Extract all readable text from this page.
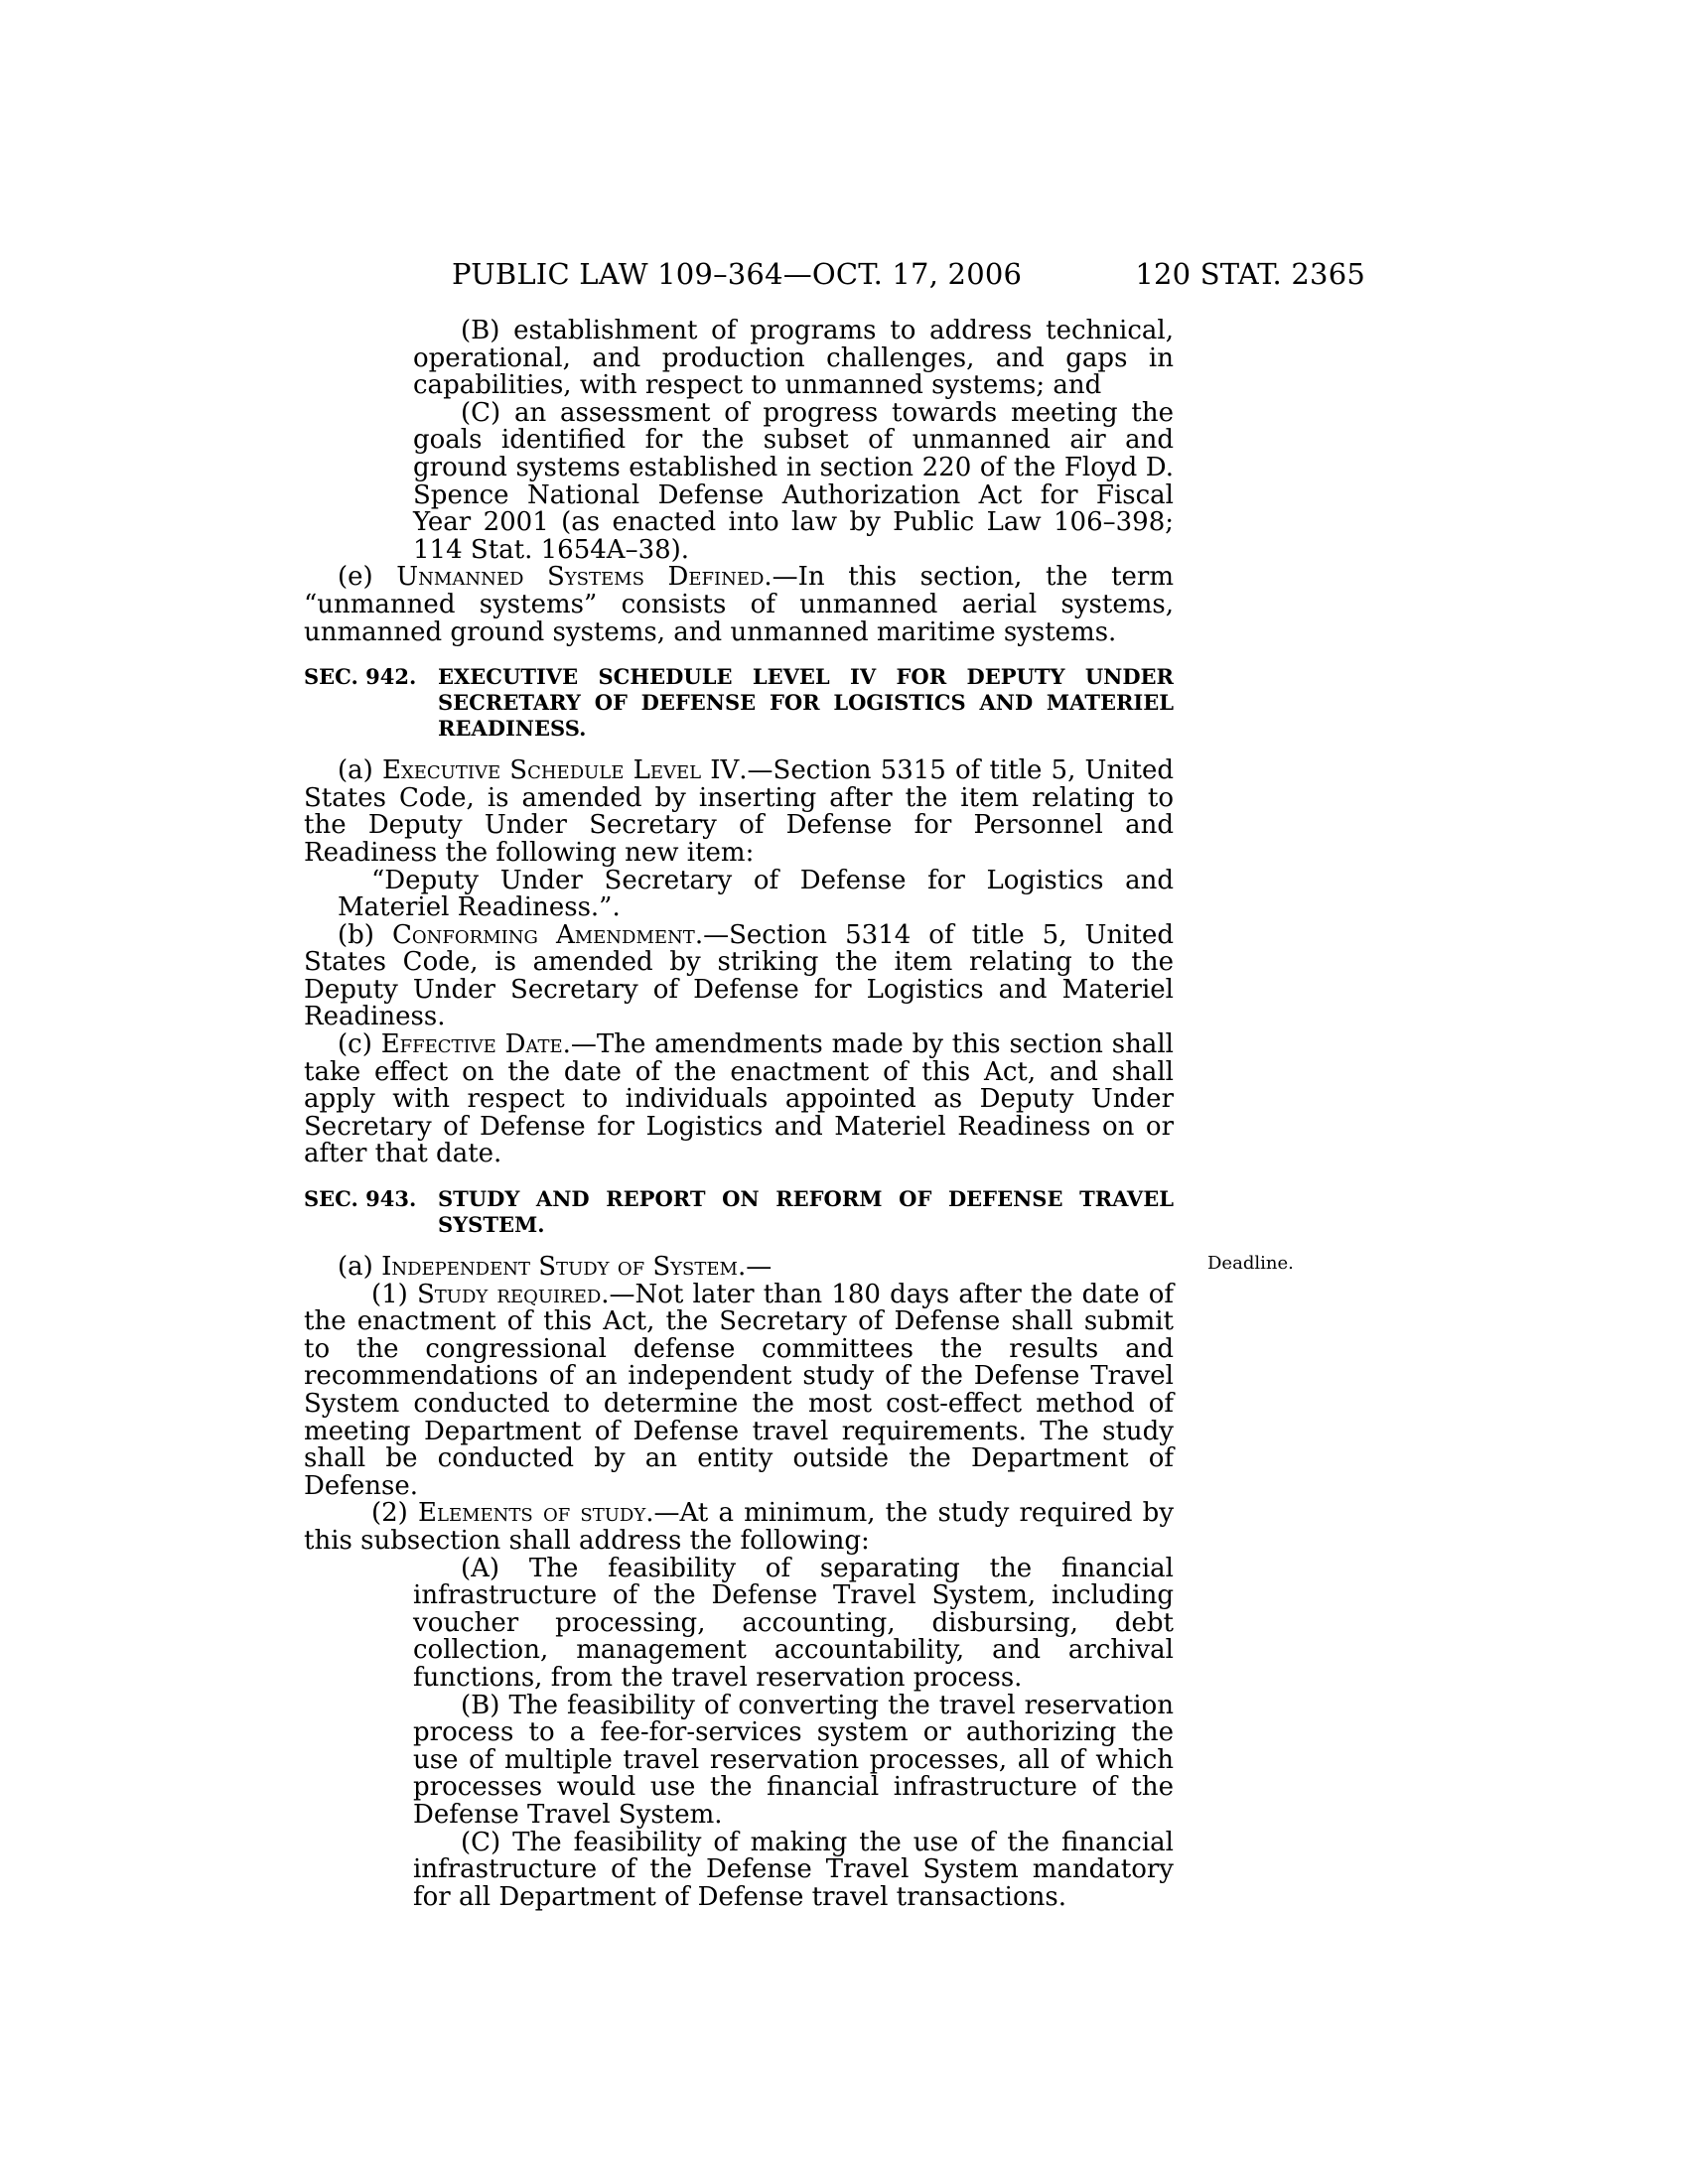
PUBLIC LAW 109–364—OCT. 17, 2006	120 STAT. 2365
Deadline.

(B) establishment of programs to address technical, operational, and production challenges, and gaps in capabilities, with respect to unmanned systems; and

(C) an assessment of progress towards meeting the goals identified for the subset of unmanned air and ground systems established in section 220 of the Floyd D. Spence National Defense Authorization Act for Fiscal Year 2001 (as enacted into law by Public Law 106–398; 114 Stat. 1654A–38).

(e) Unmanned Systems Defined.—In this section, the term “unmanned systems” consists of unmanned aerial systems, unmanned ground systems, and unmanned maritime systems.

SEC. 942. EXECUTIVE SCHEDULE LEVEL IV FOR DEPUTY UNDER SECRETARY OF DEFENSE FOR LOGISTICS AND MATERIEL READINESS.

(a) Executive Schedule Level IV.—Section 5315 of title 5, United States Code, is amended by inserting after the item relating to the Deputy Under Secretary of Defense for Personnel and Readiness the following new item:

“Deputy Under Secretary of Defense for Logistics and Materiel Readiness.”.

(b) Conforming Amendment.—Section 5314 of title 5, United States Code, is amended by striking the item relating to the Deputy Under Secretary of Defense for Logistics and Materiel Readiness.

(c) Effective Date.—The amendments made by this section shall take effect on the date of the enactment of this Act, and shall apply with respect to individuals appointed as Deputy Under Secretary of Defense for Logistics and Materiel Readiness on or after that date.

SEC. 943. STUDY AND REPORT ON REFORM OF DEFENSE TRAVEL SYSTEM.

(a) Independent Study of System.—

(1) Study required.—Not later than 180 days after the date of the enactment of this Act, the Secretary of Defense shall submit to the congressional defense committees the results and recommendations of an independent study of the Defense Travel System conducted to determine the most cost-effect method of meeting Department of Defense travel requirements. The study shall be conducted by an entity outside the Department of Defense.

(2) Elements of study.—At a minimum, the study required by this subsection shall address the following:

(A) The feasibility of separating the financial infrastructure of the Defense Travel System, including voucher processing, accounting, disbursing, debt collection, management accountability, and archival functions, from the travel reservation process.

(B) The feasibility of converting the travel reservation process to a fee-for-services system or authorizing the use of multiple travel reservation processes, all of which processes would use the financial infrastructure of the Defense Travel System.

(C) The feasibility of making the use of the financial infrastructure of the Defense Travel System mandatory for all Department of Defense travel transactions.
